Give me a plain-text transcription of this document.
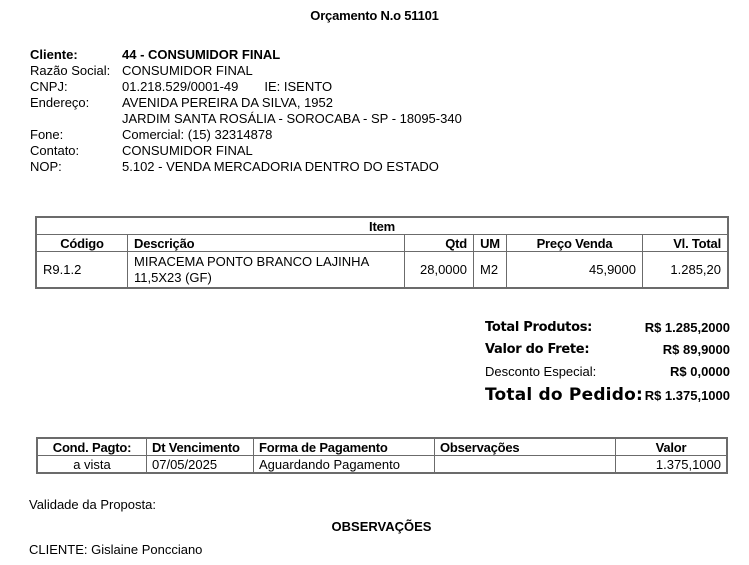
Orçamento N.o 51101
Cliente:	44 - CONSUMIDOR FINAL
Razão Social: CONSUMIDOR FINAL
CNPJ:	01.218.529/0001-49 IE: ISENTO
Endereço:	AVENIDA PEREIRA DA SILVA, 1952
JARDIM SANTA ROSÁLIA - SOROCABA - SP - 18095-340
Fone:	Comercial: (15) 32314878
Contato:	CONSUMIDOR FINAL
NOP:	5.102 - VENDA MERCADORIA DENTRO DO ESTADO
Item					
Código	Descrição	Qtd	UM	Preço Venda	Vl. Total
R9.1.2	MIRACEMA PONTO BRANCO LAJINHA
11,5X23 (GF)	28,0000	M2	45,9000	1.285,20
Total Produtos:	R$ 1.285,2000
Valor do Frete:	R$ 89,9000
Desconto Especial:	R$ 0,0000
Total do Pedido: R$ 1.375,1000
Cond. Pagto:	Dt Vencimento	Forma de Pagamento	Observações	Valor
a vista	07/05/2025	Aguardando Pagamento		1.375,1000
Validade da Proposta:
OBSERVAÇÕES
CLIENTE: Gislaine Poncciano
